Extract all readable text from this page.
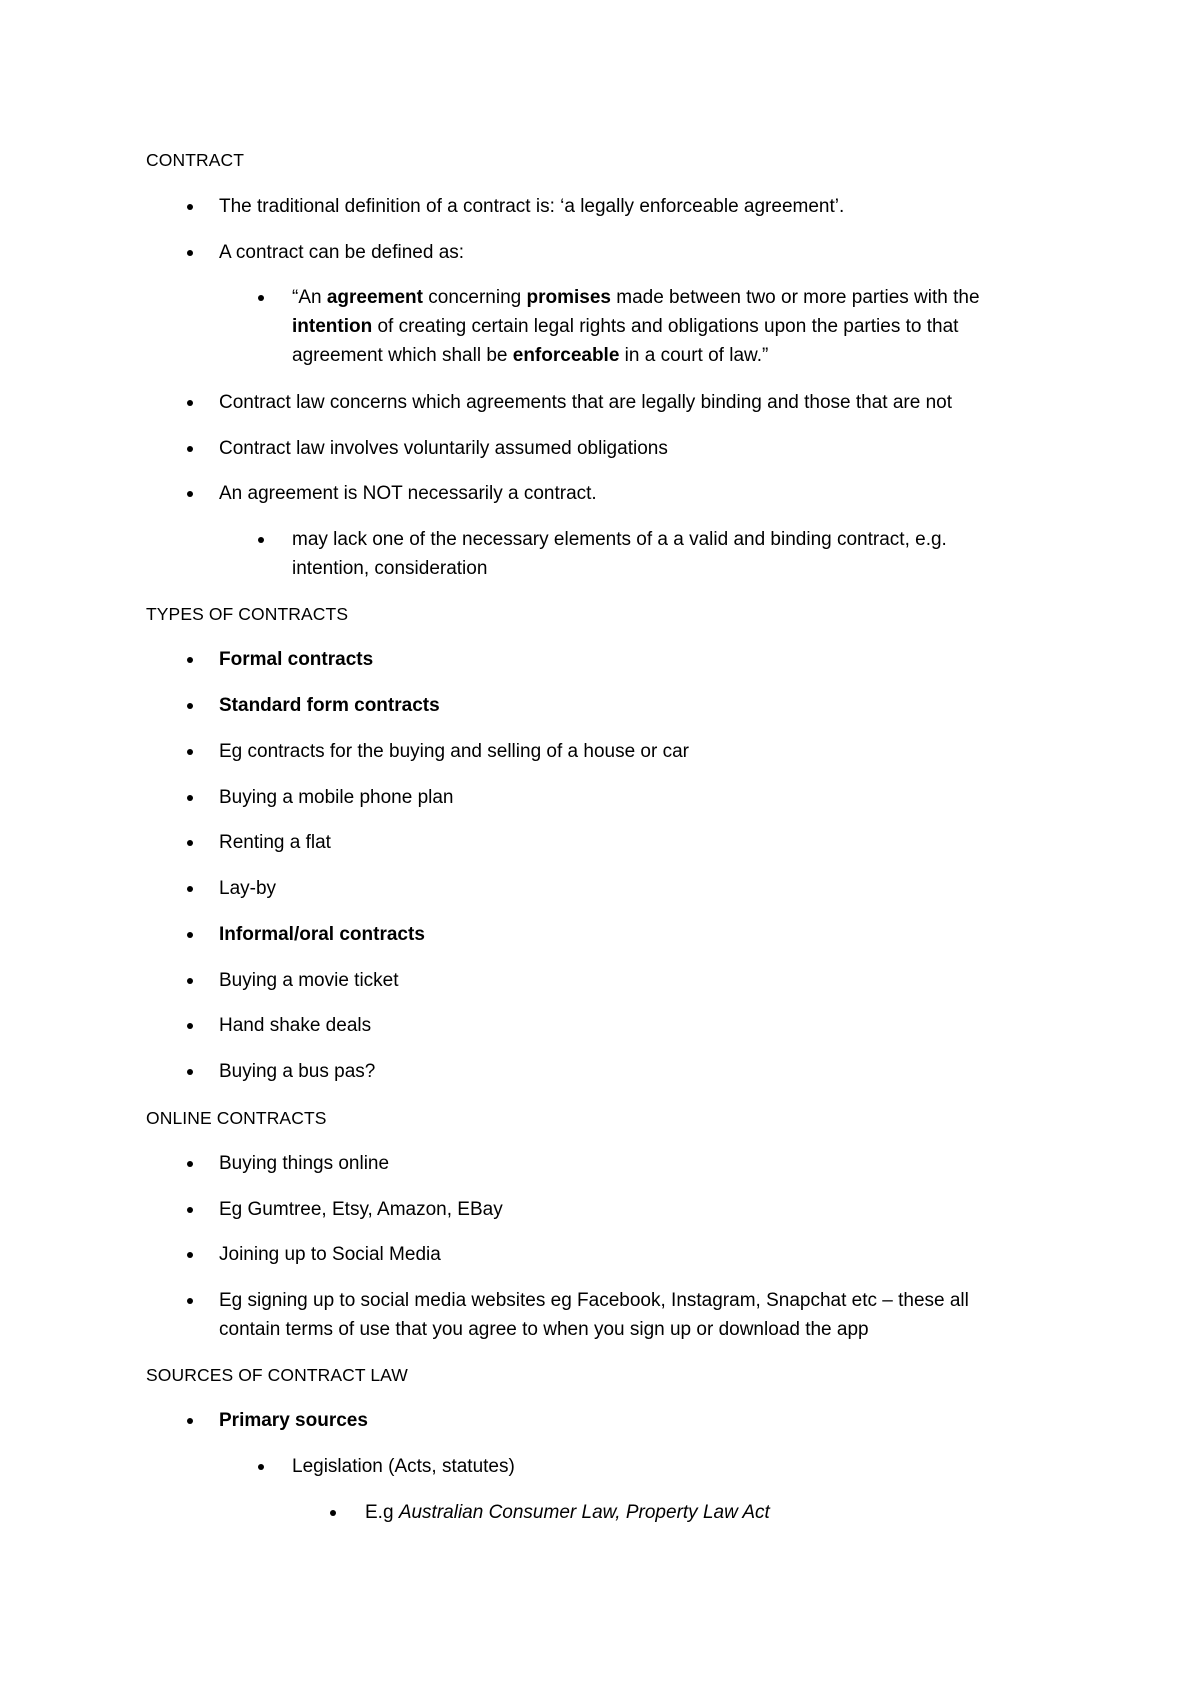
CONTRACT
The traditional definition of a contract is: ‘a legally enforceable agreement’.
A contract can be defined as:
“An agreement concerning promises made between two or more parties with the
intention of creating certain legal rights and obligations upon the parties to that
agreement which shall be enforceable in a court of law.”
Contract law concerns which agreements that are legally binding and those that are not
Contract law involves voluntarily assumed obligations
An agreement is NOT necessarily a contract.
may lack one of the necessary elements of a a valid and binding contract, e.g.
intention, consideration
TYPES OF CONTRACTS
Formal contracts
Standard form contracts
Eg contracts for the buying and selling of a house or car
Buying a mobile phone plan
Renting a flat
Lay-by
Informal/oral contracts
Buying a movie ticket
Hand shake deals
Buying a bus pas?
ONLINE CONTRACTS
Buying things online
Eg Gumtree, Etsy, Amazon, EBay
Joining up to Social Media
Eg signing up to social media websites eg Facebook, Instagram, Snapchat etc – these all
contain terms of use that you agree to when you sign up or download the app
SOURCES OF CONTRACT LAW
Primary sources
Legislation (Acts, statutes)
E.g Australian Consumer Law, Property Law Act
